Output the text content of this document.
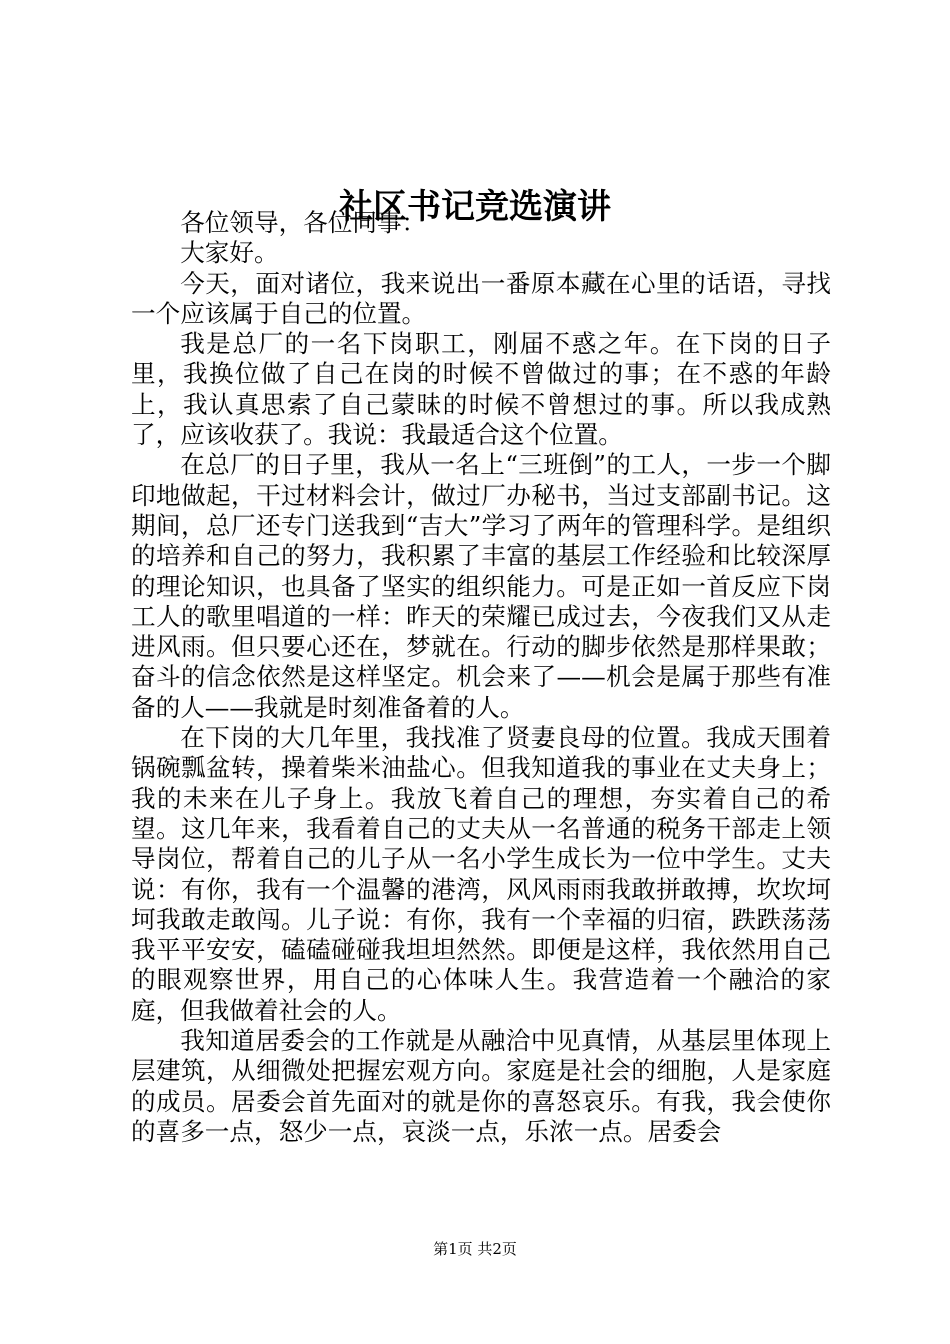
社区书记竞选演讲

各位领导，各位同事：

大家好。

今天，面对诸位，我来说出一番原本藏在心里的话语，寻找一个应该属于自己的位置。

我是总厂的一名下岗职工，刚届不惑之年。在下岗的日子里，我换位做了自己在岗的时候不曾做过的事；在不惑的年龄上，我认真思索了自己蒙昧的时候不曾想过的事。所以我成熟了，应该收获了。我说：我最适合这个位置。

在总厂的日子里，我从一名上“三班倒”的工人，一步一个脚印地做起，干过材料会计，做过厂办秘书，当过支部副书记。这期间，总厂还专门送我到“吉大”学习了两年的管理科学。是组织的培养和自己的努力，我积累了丰富的基层工作经验和比较深厚的理论知识，也具备了坚实的组织能力。可是正如一首反应下岗工人的歌里唱道的一样：昨天的荣耀已成过去，今夜我们又从走进风雨。但只要心还在，梦就在。行动的脚步依然是那样果敢；奋斗的信念依然是这样坚定。机会来了——机会是属于那些有准备的人——我就是时刻准备着的人。

在下岗的大几年里，我找准了贤妻良母的位置。我成天围着锅碗瓢盆转，操着柴米油盐心。但我知道我的事业在丈夫身上；我的未来在儿子身上。我放飞着自己的理想，夯实着自己的希望。这几年来，我看着自己的丈夫从一名普通的税务干部走上领导岗位，帮着自己的儿子从一名小学生成长为一位中学生。丈夫说：有你，我有一个温馨的港湾，风风雨雨我敢拼敢搏，坎坎坷坷我敢走敢闯。儿子说：有你，我有一个幸福的归宿，跌跌荡荡我平平安安，磕磕碰碰我坦坦然然。即便是这样，我依然用自己的眼观察世界，用自己的心体味人生。我营造着一个融洽的家庭，但我做着社会的人。

我知道居委会的工作就是从融洽中见真情，从基层里体现上层建筑，从细微处把握宏观方向。家庭是社会的细胞，人是家庭的成员。居委会首先面对的就是你的喜怒哀乐。有我，我会使你的喜多一点，怒少一点，哀淡一点，乐浓一点。居委会

第1页 共2页
